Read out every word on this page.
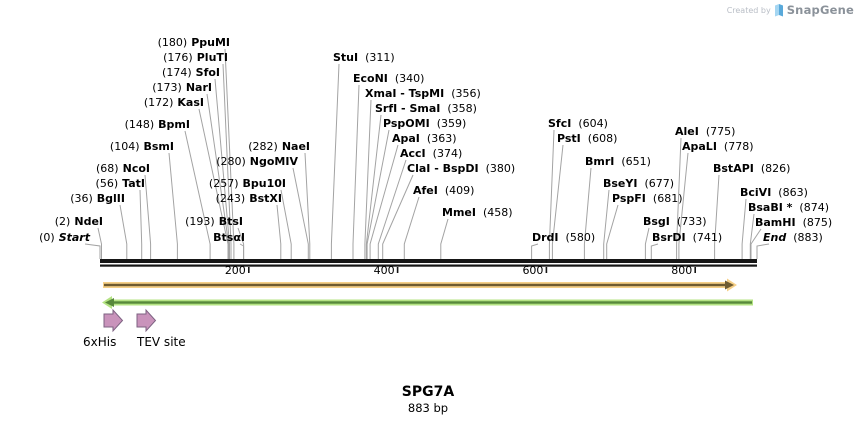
(180) PpuMI
(176) PluTI
(174) SfoI
(173) NarI
(172) KasI
(148) BpmI
(104) BsmI
(68) NcoI
(56) TatI
(36) BglII
(2) NdeI
(0) Start
(282) NaeI
(280) NgoMIV
(257) Bpu10I
(243) BstXI
(193) BtsI
BtsαI
StuI (311)
EcoNI (340)
XmaI - TspMI (356)
SrfI - SmaI (358)
PspOMI (359)
ApaI (363)
AccI (374)
ClaI - BspDI (380)
AfeI (409)
MmeI (458)
SfcI (604)
PstI (608)
BmrI (651)
BseYI (677)
PspFI (681)
DrdI (580)
BsgI (733)
BsrDI (741)
AleI (775)
ApaLI (778)
BstAPI (826)
BciVI (863)
BsaBI * (874)
BamHI (875)
End (883)
Created by SnapGene
SPG7A
883 bp
200	400	600	800
6xHis TEV site
